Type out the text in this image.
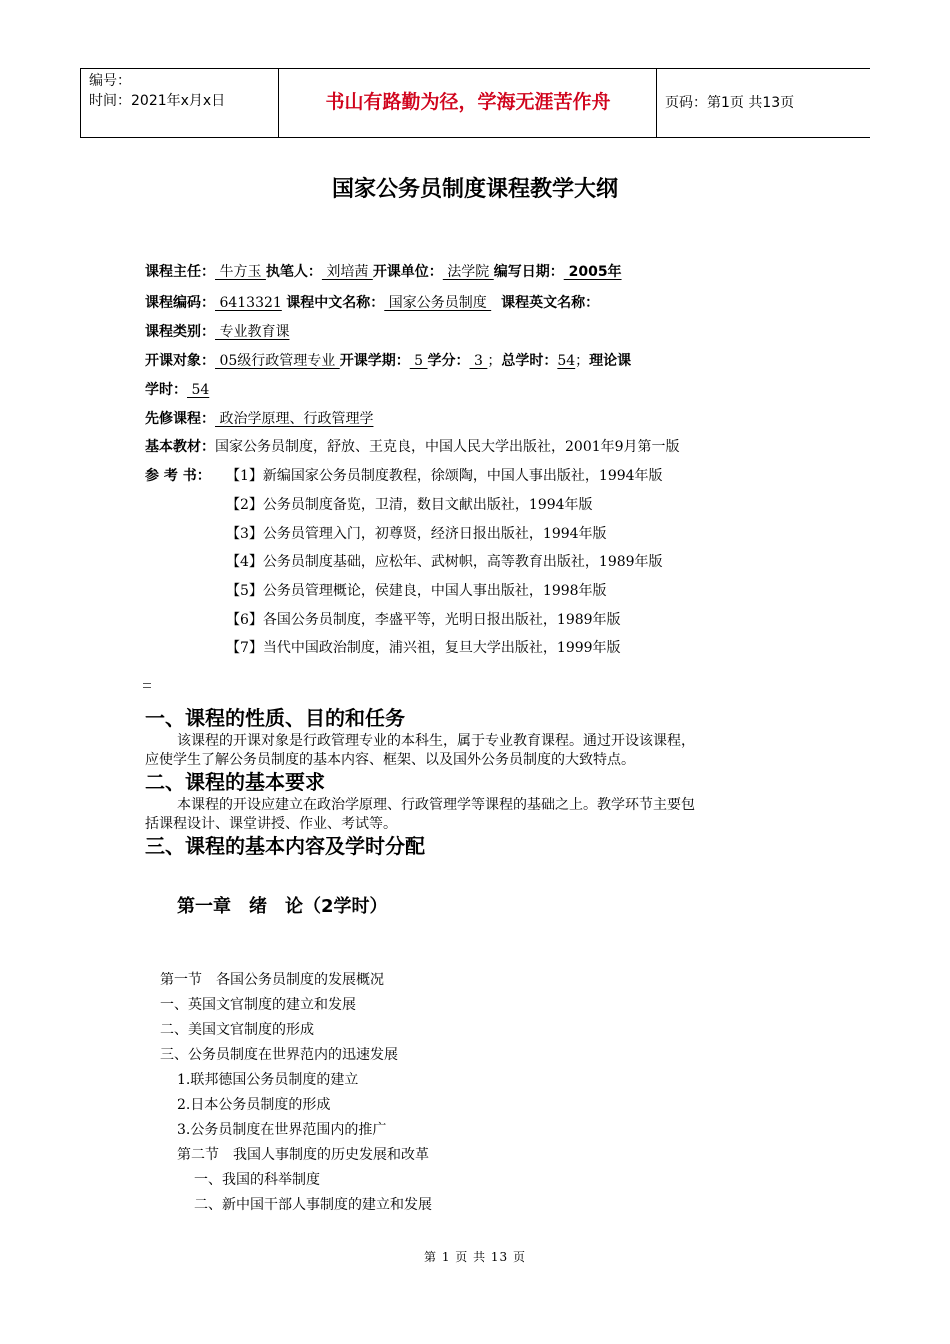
编号：
时间：2021年x月x日	书山有路勤为径，学海无涯苦作舟	页码：第1页 共13页
国家公务员制度课程教学大纲
课程主任： 牛方玉 执笔人： 刘培茜 开课单位： 法学院 编写日期： 2005年
课程编码： 6413321 课程中文名称： 国家公务员制度 课程英文名称：
课程类别： 专业教育课
开课对象： 05级行政管理专业 开课学期： 5 学分： 3 ；总学时：54；理论课
学时： 54
先修课程： 政治学原理、行政管理学
基本教材：国家公务员制度，舒放、王克良，中国人民大学出版社，2001年9月第一版
参 考 书： 【1】新编国家公务员制度教程，徐颂陶，中国人事出版社，1994年版
【2】公务员制度备览，卫清，数目文献出版社，1994年版
【3】公务员管理入门，初尊贤，经济日报出版社，1994年版
【4】公务员制度基础，应松年、武树帜，高等教育出版社，1989年版
【5】公务员管理概论，侯建良，中国人事出版社，1998年版
【6】各国公务员制度，李盛平等，光明日报出版社，1989年版
【7】当代中国政治制度，浦兴祖，复旦大学出版社，1999年版
一、课程的性质、目的和任务
该课程的开课对象是行政管理专业的本科生，属于专业教育课程。通过开设该课程，
应使学生了解公务员制度的基本内容、框架、以及国外公务员制度的大致特点。
二、课程的基本要求
本课程的开设应建立在政治学原理、行政管理学等课程的基础之上。教学环节主要包
括课程设计、课堂讲授、作业、考试等。
三、课程的基本内容及学时分配
第一章　绪　论（2学时）
第一节　各国公务员制度的发展概况
一、英国文官制度的建立和发展
二、美国文官制度的形成
三、公务员制度在世界范内的迅速发展
1.联邦德国公务员制度的建立
2.日本公务员制度的形成
3.公务员制度在世界范围内的推广
第二节　我国人事制度的历史发展和改革
一、我国的科举制度
二、新中国干部人事制度的建立和发展
第 1 页 共 13 页
